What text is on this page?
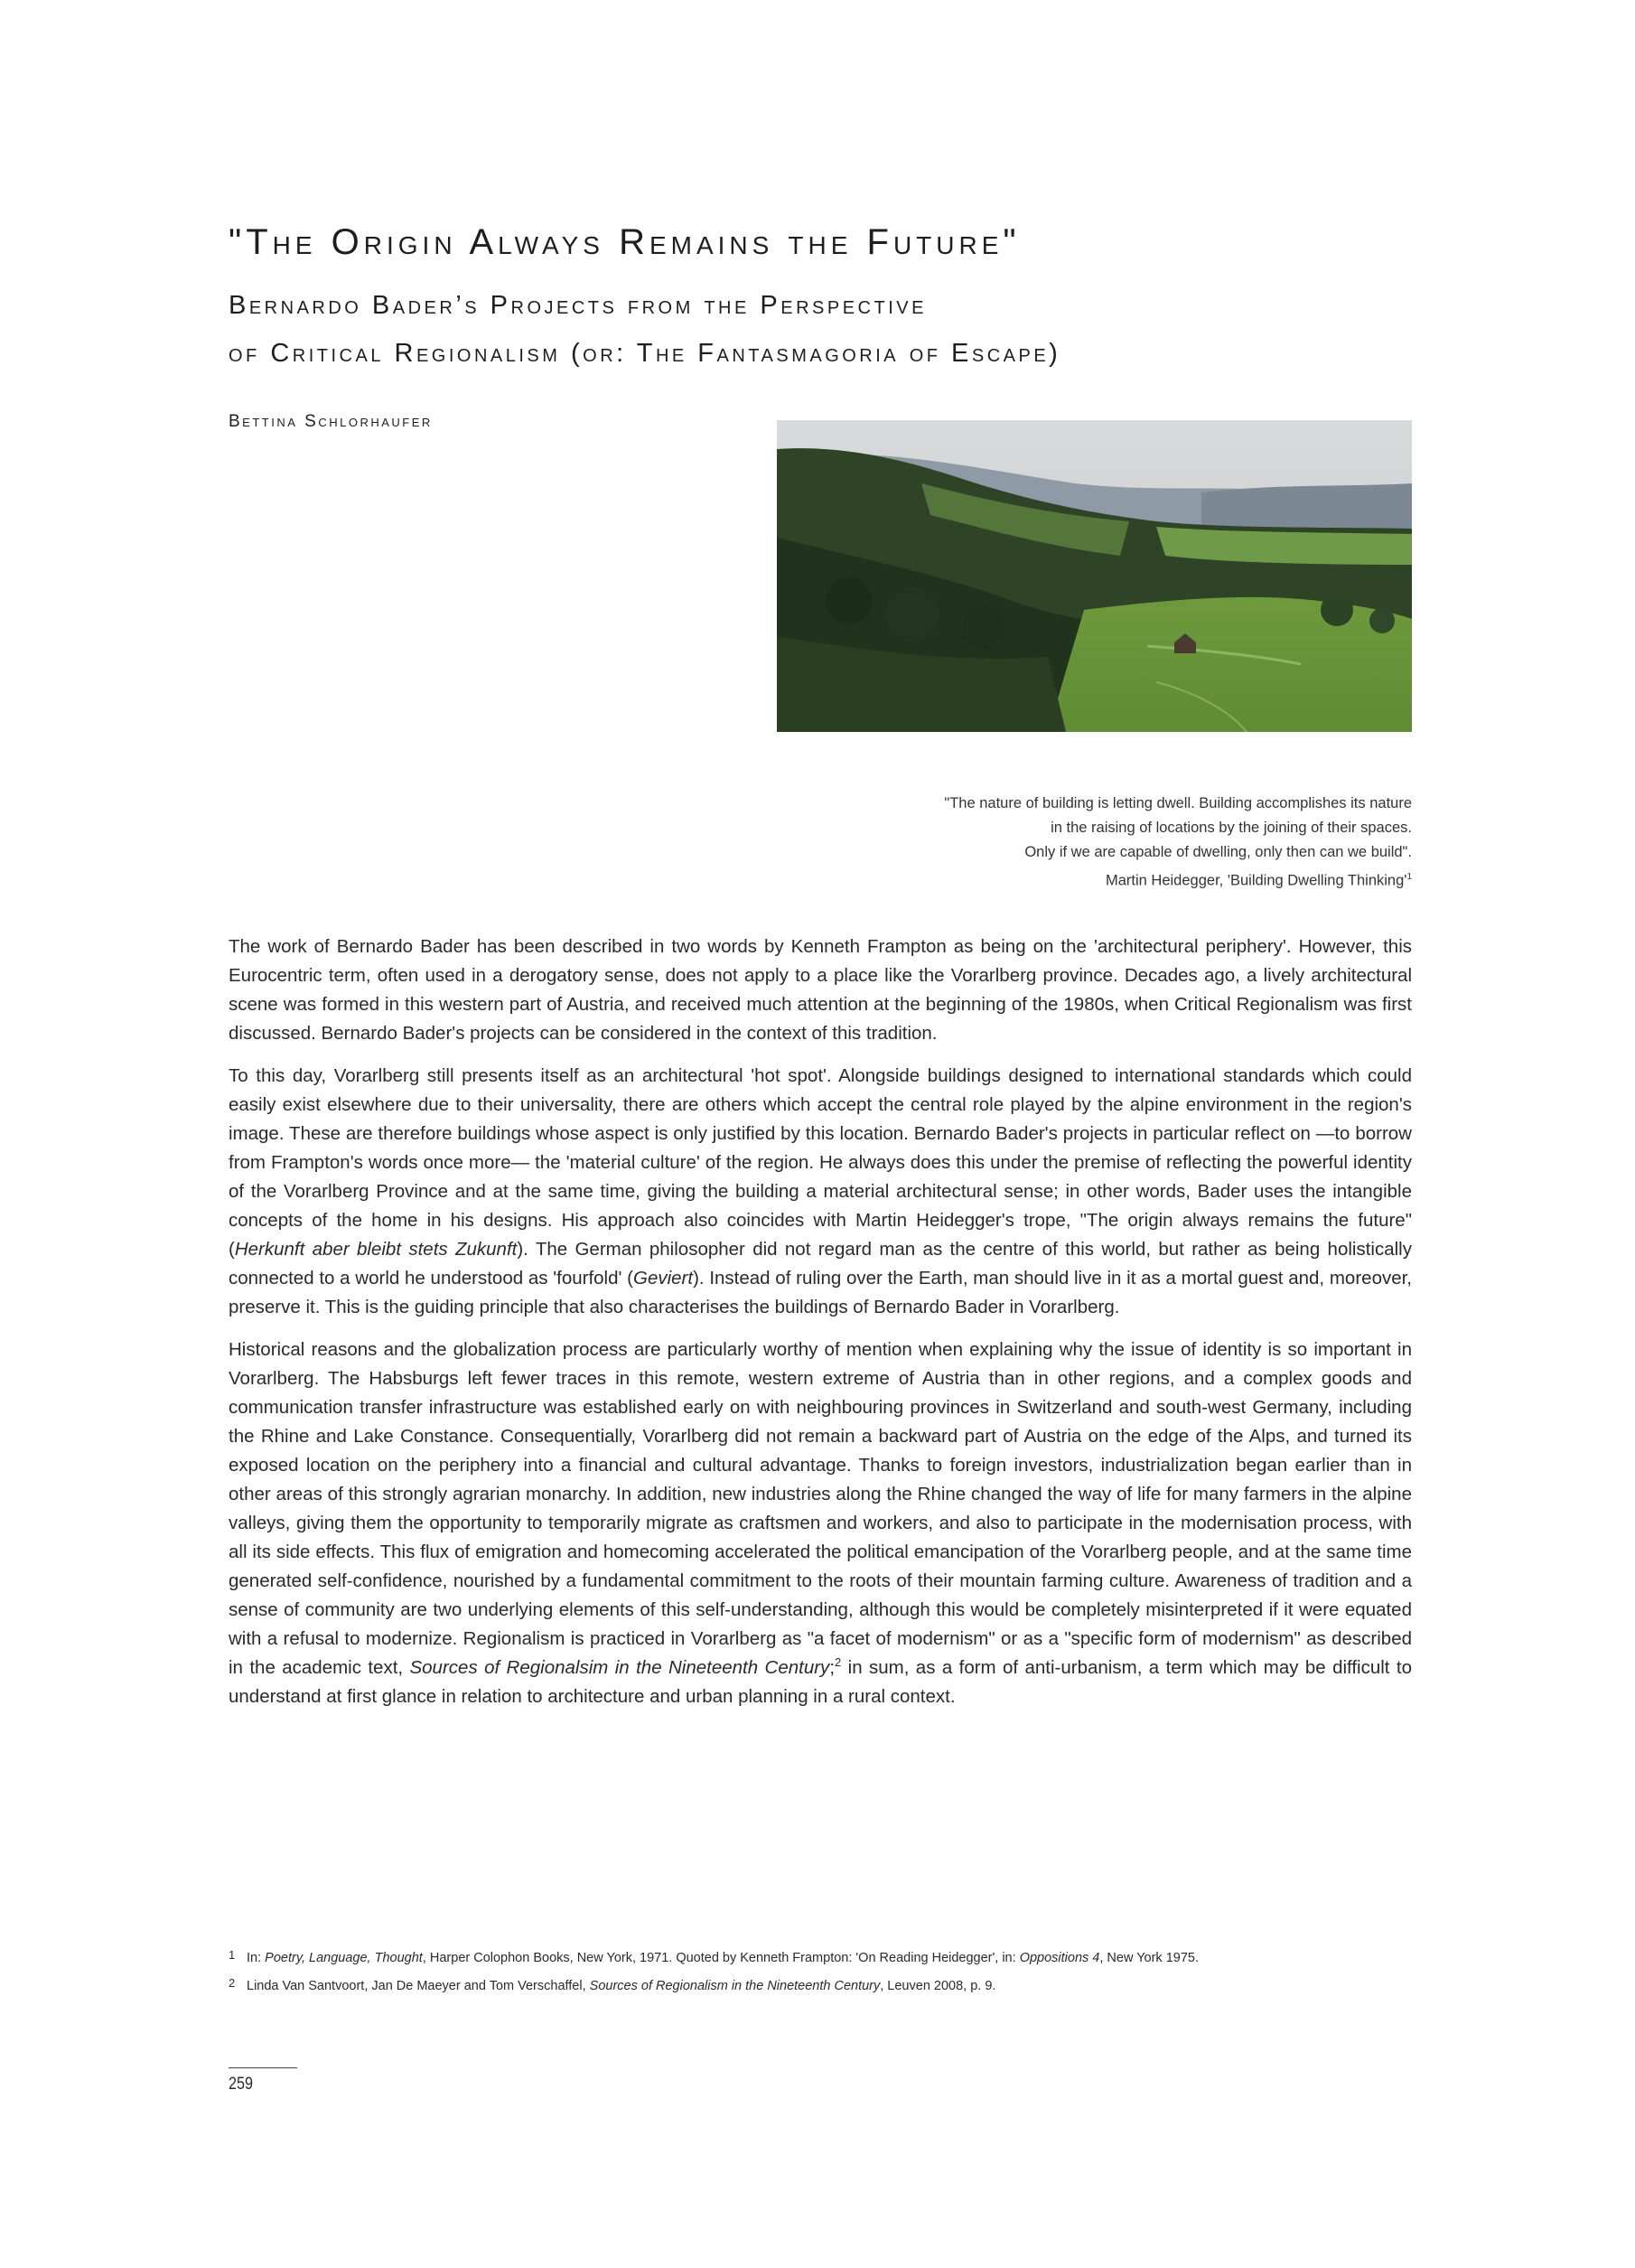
"The Origin Always Remains the Future"
Bernardo Bader’s Projects from the Perspective
of Critical Regionalism (or: The Fantasmagoria of Escape)
Bettina Schlorhaufer
"The nature of building is letting dwell. Building accomplishes its nature
in the raising of locations by the joining of their spaces.
Only if we are capable of dwelling, only then can we build".
Martin Heidegger, 'Building Dwelling $Thinking'^1$

The work of Bernardo Bader has been described in two words by Kenneth Frampton as being on the 'architectural periphery'. However, this Eurocentric term, often used in a derogatory sense, does not apply to a place like the Vorarlberg province. Decades ago, a lively architectural scene was formed in this western part of Austria, and received much attention at the beginning of the 1980s, when Critical Regionalism was first discussed. Bernardo Bader's projects can be considered in the context of this tradition.

To this day, Vorarlberg still presents itself as an architectural 'hot spot'. Alongside buildings designed to international standards which could easily exist elsewhere due to their universality, there are others which accept the central role played by the alpine environment in the region's image. These are therefore buildings whose aspect is only justified by this location. Bernardo Bader's projects in particular reflect on —to borrow from Frampton's words once more— the 'material culture' of the region. He always does this under the premise of reflecting the powerful identity of the Vorarlberg Province and at the same time, giving the building a material architectural sense; in other words, Bader uses the intangible concepts of the home in his designs. His approach also coincides with Martin Heidegger's trope, "The origin always remains the future" (Herkunft aber bleibt stets Zukunft). The German philosopher did not regard man as the centre of this world, but rather as being holistically connected to a world he understood as 'fourfold' (Geviert). Instead of ruling over the Earth, man should live in it as a mortal guest and, moreover, preserve it. This is the guiding principle that also characterises the buildings of Bernardo Bader in Vorarlberg.

Historical reasons and the globalization process are particularly worthy of mention when explaining why the issue of identity is so important in Vorarlberg. The Habsburgs left fewer traces in this remote, western extreme of Austria than in other regions, and a complex goods and communication transfer infrastructure was established early on with neighbouring provinces in Switzerland and south-west Germany, including the Rhine and Lake Constance. Consequentially, Vorarlberg did not remain a backward part of Austria on the edge of the Alps, and turned its exposed location on the periphery into a financial and cultural advantage. Thanks to foreign investors, industrialization began earlier than in other areas of this strongly agrarian monarchy. In addition, new industries along the Rhine changed the way of life for many farmers in the alpine valleys, giving them the opportunity to temporarily migrate as craftsmen and workers, and also to participate in the modernisation process, with all its side effects. This flux of emigration and homecoming accelerated the political emancipation of the Vorarlberg people, and at the same time generated self-confidence, nourished by a fundamental commitment to the roots of their mountain farming culture. Awareness of tradition and a sense of community are two underlying elements of this self-understanding, although this would be completely misinterpreted if it were equated with a refusal to modernize. Regionalism is practiced in Vorarlberg as "a facet of modernism" or as a "specific form of modernism" as described in the academic text, Sources of Regionalsim in the Nineteenth Century;$^2$ in sum, as a form of anti-urbanism, a term which may be difficult to understand at first glance in relation to architecture and urban planning in a rural context.

1 In: Poetry, Language, Thought, Harper Colophon Books, New York, 1971. Quoted by Kenneth Frampton: 'On Reading Heidegger', in: Oppositions 4, New York 1975.
2 Linda Van Santvoort, Jan De Maeyer and Tom Verschaffel, Sources of Regionalism in the Nineteenth Century, Leuven 2008, p. 9.
259
